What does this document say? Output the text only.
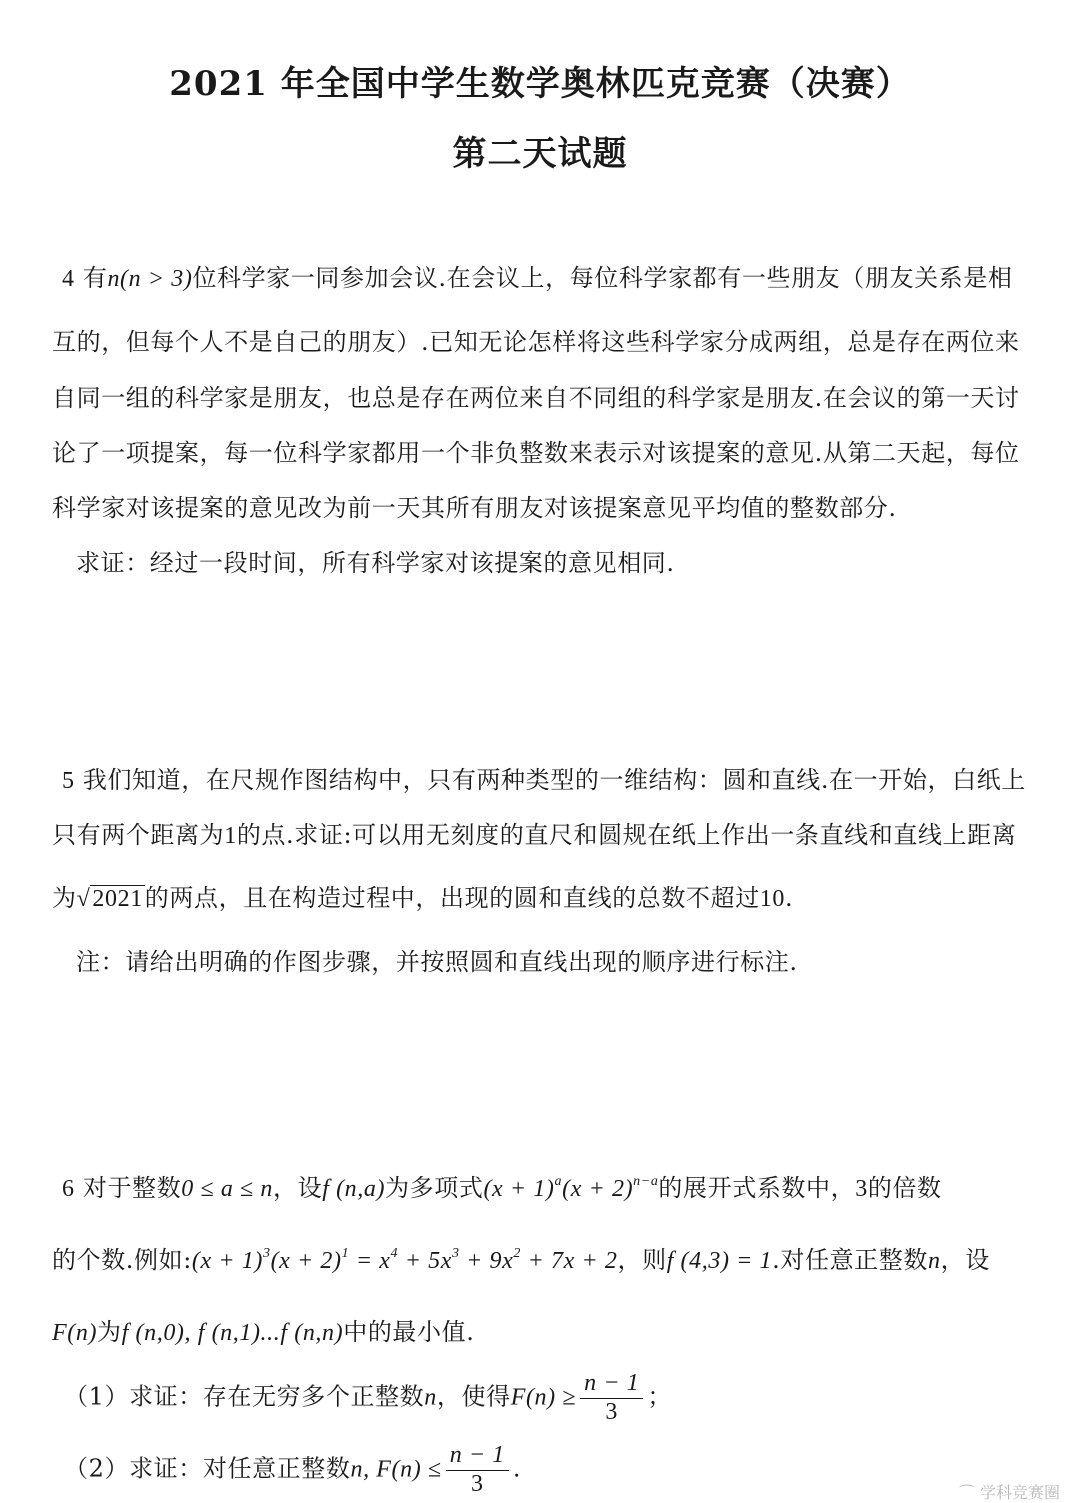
2021 年全国中学生数学奥林匹克竞赛（决赛）
第二天试题
4 有n(n > 3)位科学家一同参加会议.在会议上，每位科学家都有一些朋友（朋友关系是相
互的，但每个人不是自己的朋友）.已知无论怎样将这些科学家分成两组，总是存在两位来
自同一组的科学家是朋友，也总是存在两位来自不同组的科学家是朋友.在会议的第一天讨
论了一项提案，每一位科学家都用一个非负整数来表示对该提案的意见.从第二天起，每位
科学家对该提案的意见改为前一天其所有朋友对该提案意见平均值的整数部分.
求证：经过一段时间，所有科学家对该提案的意见相同.
5 我们知道，在尺规作图结构中，只有两种类型的一维结构：圆和直线.在一开始，白纸上
只有两个距离为1的点.求证:可以用无刻度的直尺和圆规在纸上作出一条直线和直线上距离
为√2021的两点，且在构造过程中，出现的圆和直线的总数不超过10.
注：请给出明确的作图步骤，并按照圆和直线出现的顺序进行标注.
6 对于整数0 ≤ a ≤ n，设f (n,a)为多项式$(x + 1)^a(x + 2)^{n-a}$的展开式系数中，3的倍数
的个数.例如:(x + $1)^3(x + 2)^1 = x^4 + 5x^3 + 9x^2 + 7x + 2$，则f (4,3) = 1.对任意正整数n，设
F(n)为f (n,0), f (n,1)...f (n,n)中的最小值.
（1）求证：存在无穷多个正整数n，使得$F(n) \ge \frac{n - 1}{3}$ ；
（2）求证：对任意正整数n, $F(n) \le \frac{n - 1}{3}$ .
⌒ 学科竞赛圈
